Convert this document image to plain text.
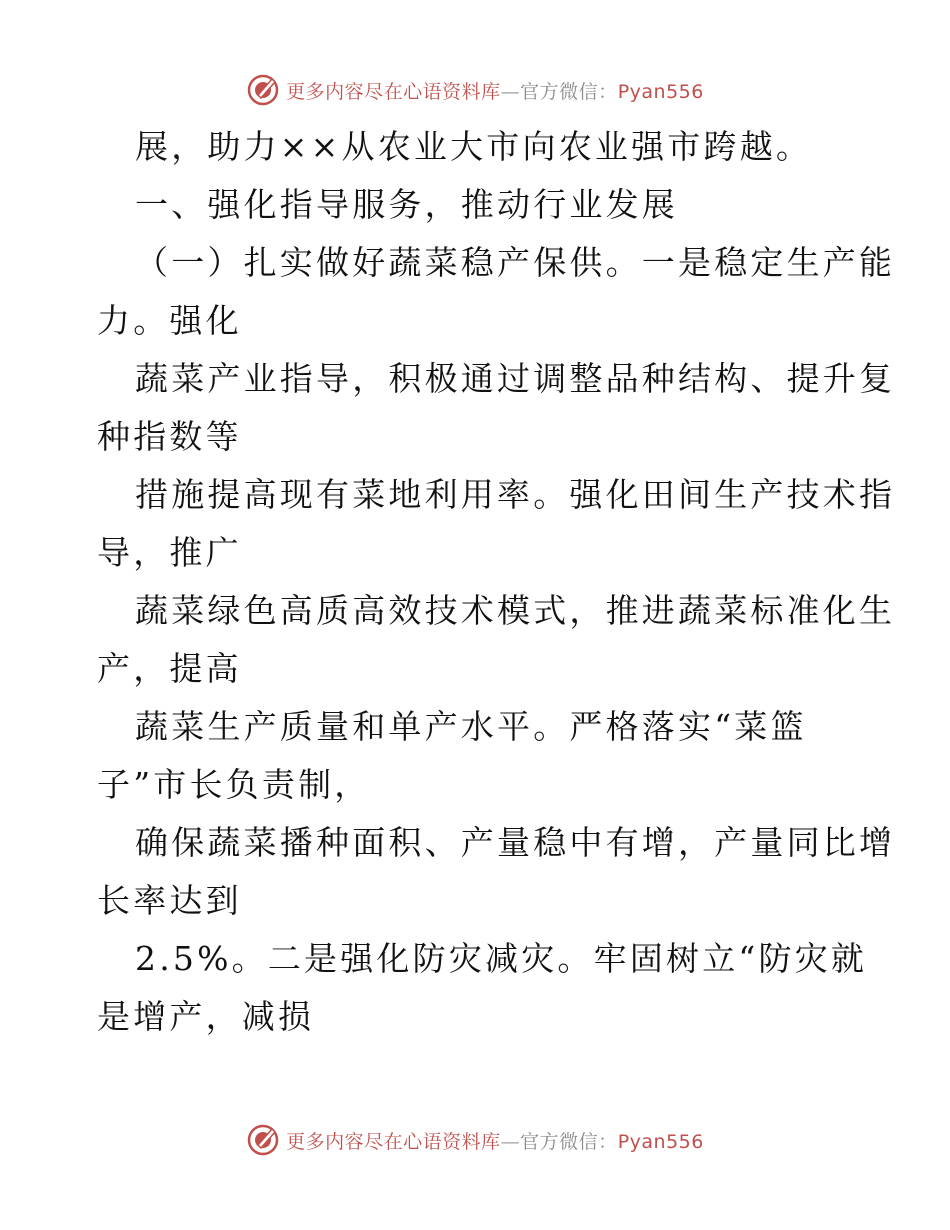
更多内容尽在心语资料库—官方微信：Pyan556
展，助力××从农业大市向农业强市跨越。
一、强化指导服务，推动行业发展
（一）扎实做好蔬菜稳产保供。一是稳定生产能
力。强化
蔬菜产业指导，积极通过调整品种结构、提升复
种指数等
措施提高现有菜地利用率。强化田间生产技术指
导，推广
蔬菜绿色高质高效技术模式，推进蔬菜标准化生
产，提高
蔬菜生产质量和单产水平。严格落实“菜篮
子”市长负责制，
确保蔬菜播种面积、产量稳中有增，产量同比增
长率达到
2.5%。二是强化防灾减灾。牢固树立“防灾就
是增产，减损
更多内容尽在心语资料库—官方微信：Pyan556
